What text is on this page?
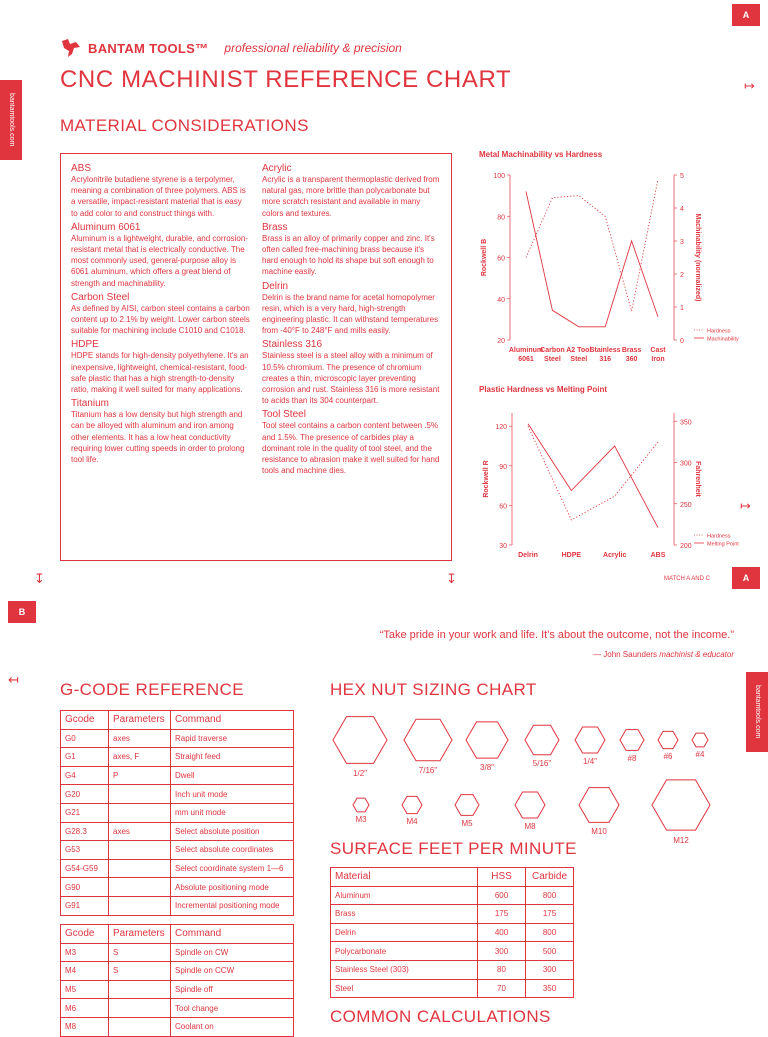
A
A
B
MATCH A AND C
bantamtools.com
bantamtools.com
↦
↧	↧
↤
↦
BANTAM TOOLS™ professional reliability & precision
CNC MACHINIST REFERENCE CHART
MATERIAL CONSIDERATIONS
ABS
Acrylonitrile butadiene styrene is a terpolymer, meaning a combination of three polymers. ABS is a versatile, impact-resistant material that is easy to add color to and construct things with.
Aluminum 6061
Aluminum is a lightweight, durable, and corrosion-resistant metal that is electrically conductive. The most commonly used, general-purpose alloy is 6061 aluminum, which offers a great blend of strength and machinability.
Carbon Steel
As defined by AISI, carbon steel contains a carbon content up to 2.1% by weight. Lower carbon steels suitable for machining include C1010 and C1018.
HDPE
HDPE stands for high-density polyethylene. It's an inexpensive, lightweight, chemical-resistant, food-safe plastic that has a high strength-to-density ratio, making it well suited for many applications.
Titanium
Titanium has a low density but high strength and can be alloyed with aluminum and iron among other elements. It has a low heat conductivity requiring lower cutting speeds in order to prolong tool life.
Acrylic
Acrylic is a transparent thermoplastic derived from natural gas, more brittle than polycarbonate but more scratch resistant and available in many colors and textures.
Brass
Brass is an alloy of primarily copper and zinc. It's often called free-machining brass because it's hard enough to hold its shape but soft enough to machine easily.
Delrin
Delrin is the brand name for acetal homopolymer resin, which is a very hard, high-strength engineering plastic. It can withstand temperatures from -40°F to 248°F and mills easily.
Stainless 316
Stainless steel is a steel alloy with a minimum of 10.5% chromium. The presence of chromium creates a thin, microscopic layer preventing corrosion and rust. Stainless 316 is more resistant to acids than its 304 counterpart.
Tool Steel
Tool steel contains a carbon content between .5% and 1.5%. The presence of carbides play a dominant role in the quality of tool steel, and the resistance to abrasion make it well suited for hand tools and machine dies.
Metal Machinability vs Hardness
100
80
60
40
20
5
4
3
2
1
0
Aluminum 6061
Carbon Steel
A2 Tool Steel
Stainless 316
Brass 360
Cast Iron
Rockwell B	Machinability (normalized)
Hardness
Machinability
Plastic Hardness vs Melting Point
120
90
60
30
350
300
250
200
Delrin	HDPE	Acrylic	ABS
Rockwell R	Fahrenheit
Hardness
Melting Point
“Take pride in your work and life. It's about the outcome, not the income.”
— John Saunders machinist & educator
G-CODE REFERENCE
Gcode	Parameters	Command
G0	axes	Rapid traverse
G1	axes, F	Straight feed
G4	P	Dwell
G20		Inch unit mode
G21		mm unit mode
G28.3	axes	Select absolute position
G53		Select absolute coordinates
G54-G59		Select coordinate system 1—6
G90		Absolute positioning mode
G91		Incremental positioning mode
Gcode	Parameters	Command
M3	S	Spindle on CW
M4	S	Spindle on CCW
M5		Spindle off
M6		Tool change
M8		Coolant on
HEX NUT SIZING CHART
1/2"	7/16"	3/8"	5/16"	1/4"	#8	#6	#4
M3	M4	M5	M8
M10
M12
SURFACE FEET PER MINUTE
Material	HSS	Carbide
Aluminum	600	800
Brass	175	175
Delrin	400	800
Polycarbonate	300	500
Stainless Steel (303)	80	300
Steel	70	350
COMMON CALCULATIONS
